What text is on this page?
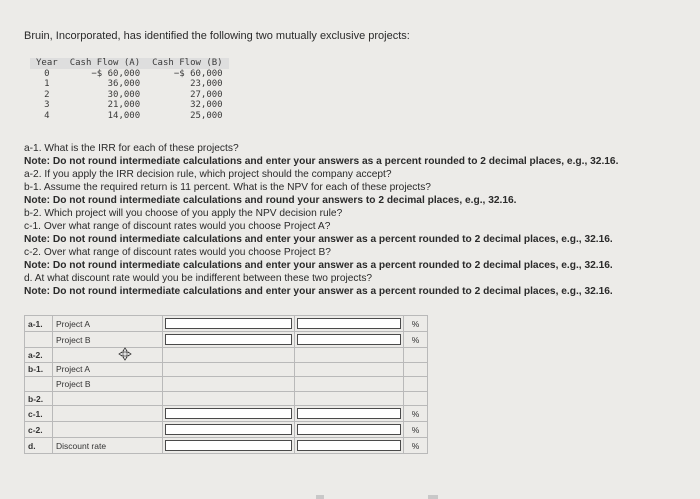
Bruin, Incorporated, has identified the following two mutually exclusive projects:
Year	Cash Flow (A)	Cash Flow (B)
0	−$ 60,000	−$ 60,000
1	36,000	23,000
2	30,000	27,000
3	21,000	32,000
4	14,000	25,000
a-1. What is the IRR for each of these projects?
Note: Do not round intermediate calculations and enter your answers as a percent rounded to 2 decimal places, e.g., 32.16.
a-2. If you apply the IRR decision rule, which project should the company accept?
b-1. Assume the required return is 11 percent. What is the NPV for each of these projects?
Note: Do not round intermediate calculations and round your answers to 2 decimal places, e.g., 32.16.
b-2. Which project will you choose of you apply the NPV decision rule?
c-1. Over what range of discount rates would you choose Project A?
Note: Do not round intermediate calculations and enter your answer as a percent rounded to 2 decimal places, e.g., 32.16.
c-2. Over what range of discount rates would you choose Project B?
Note: Do not round intermediate calculations and enter your answer as a percent rounded to 2 decimal places, e.g., 32.16.
d. At what discount rate would you be indifferent between these two projects?
Note: Do not round intermediate calculations and enter your answer as a percent rounded to 2 decimal places, e.g., 32.16.
a-1.	Project A			%
	Project B			%
a-2.				
b-1.	Project A			
	Project B			
b-2.				
c-1.				%
c-2.				%
d.	Discount rate			%
